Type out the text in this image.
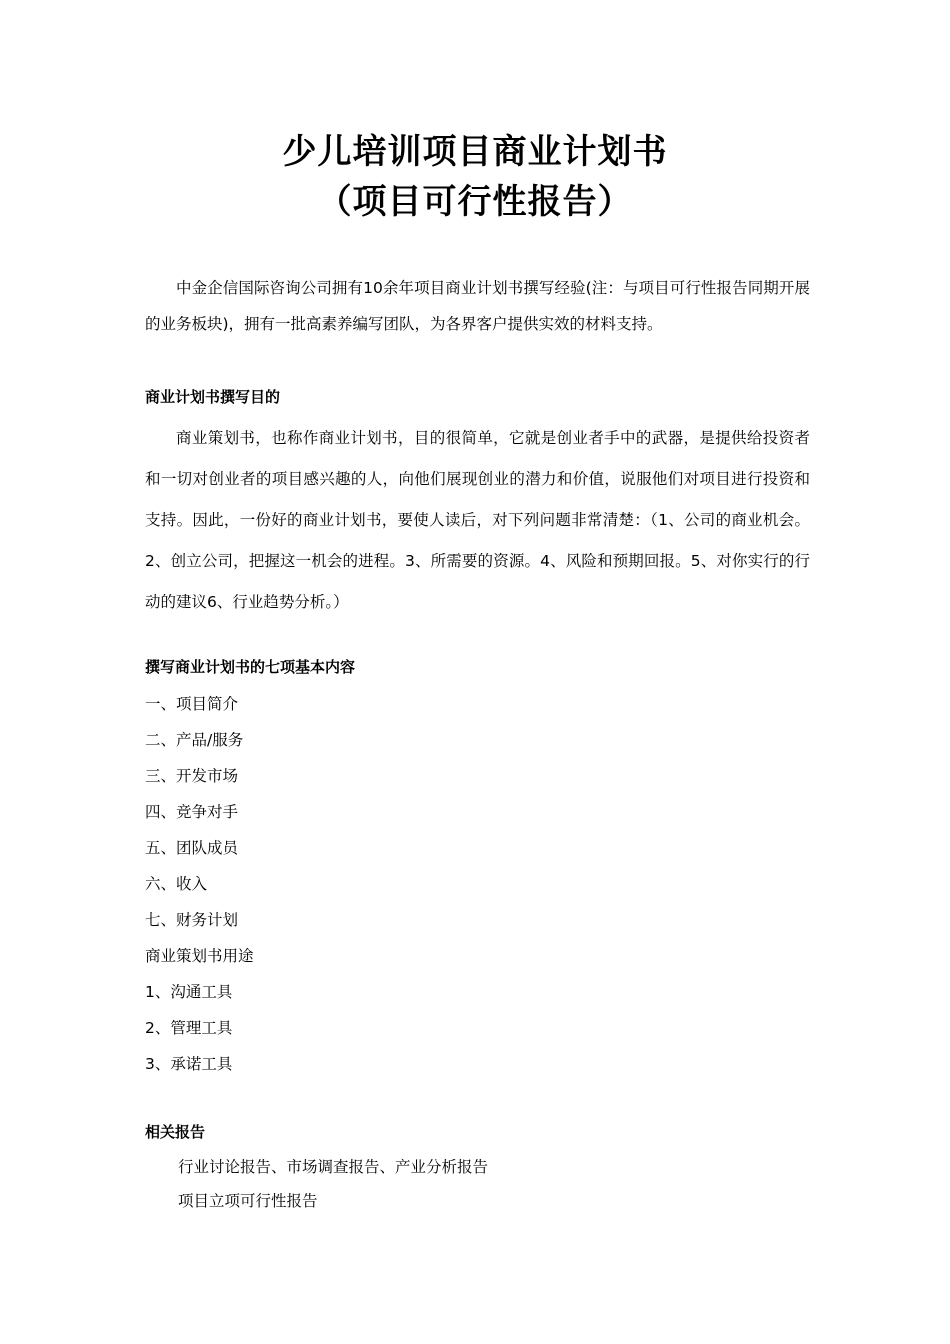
少儿培训项目商业计划书
（项目可行性报告）

中金企信国际咨询公司拥有10余年项目商业计划书撰写经验(注：与项目可行性报告同期开展的业务板块)，拥有一批高素养编写团队，为各界客户提供实效的材料支持。

商业计划书撰写目的

商业策划书，也称作商业计划书，目的很简单，它就是创业者手中的武器，是提供给投资者和一切对创业者的项目感兴趣的人，向他们展现创业的潜力和价值，说服他们对项目进行投资和支持。因此，一份好的商业计划书，要使人读后，对下列问题非常清楚：（1、公司的商业机会。2、创立公司，把握这一机会的进程。3、所需要的资源。4、风险和预期回报。5、对你实行的行动的建议6、行业趋势分析。）

撰写商业计划书的七项基本内容
一、项目简介
二、产品/服务
三、开发市场
四、竞争对手
五、团队成员
六、收入
七、财务计划
商业策划书用途
1、沟通工具
2、管理工具
3、承诺工具
相关报告
行业讨论报告、市场调查报告、产业分析报告
项目立项可行性报告
